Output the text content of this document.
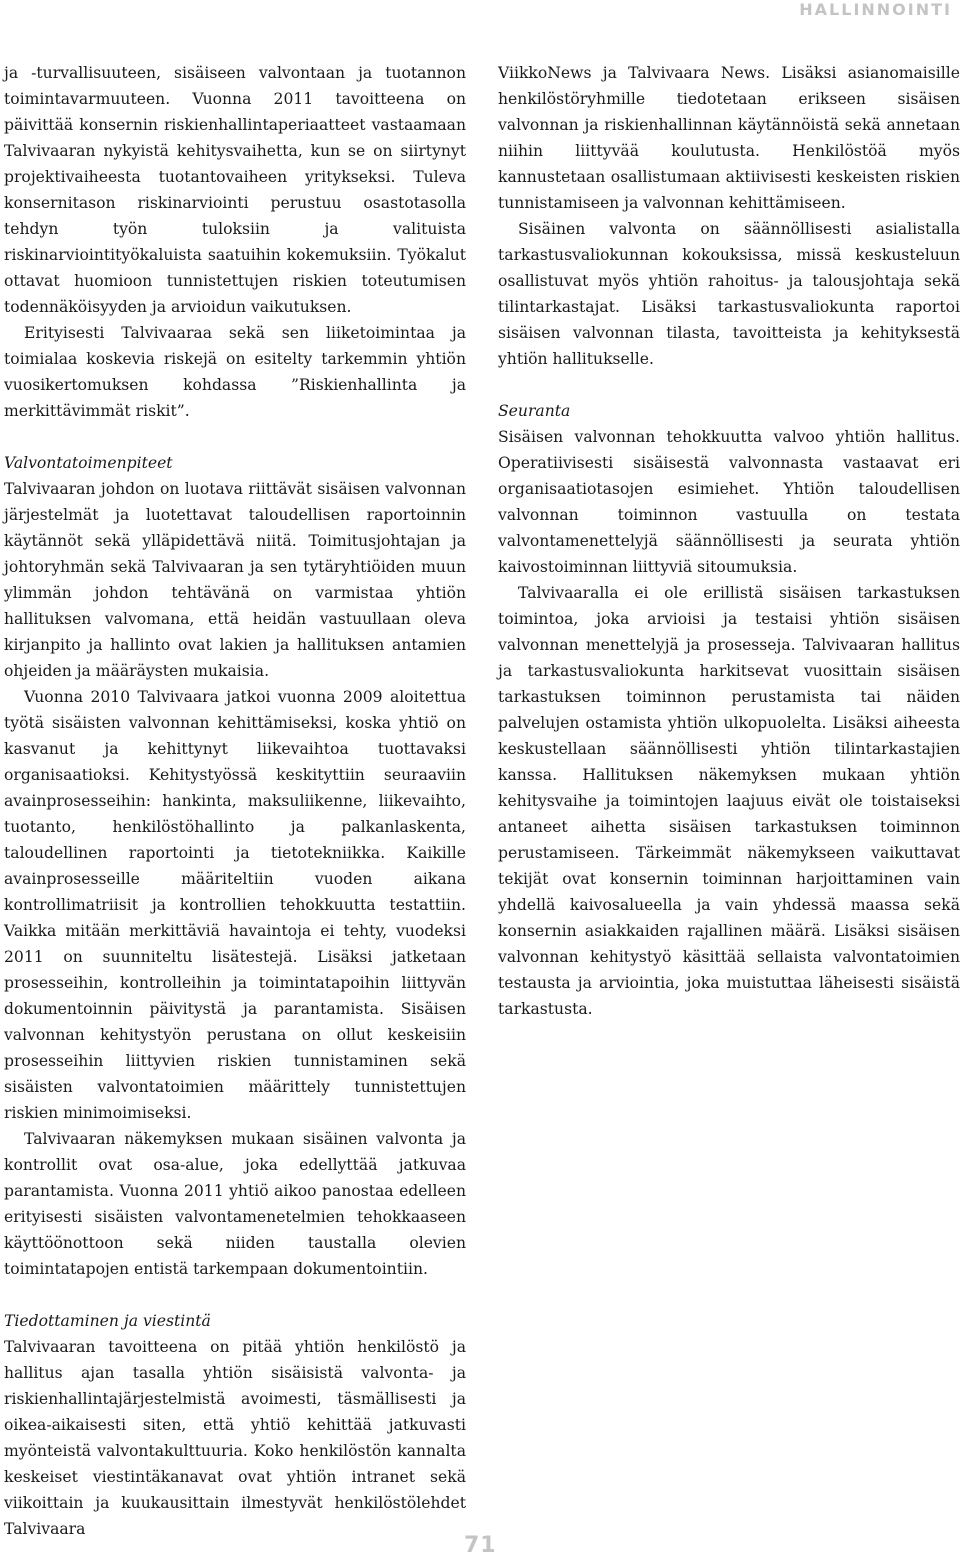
HALLINNOINTI

ja -turvallisuuteen, sisäiseen valvontaan ja tuotannon toimintavarmuuteen. Vuonna 2011 tavoitteena on päivittää konsernin riskienhallintaperiaatteet vastaamaan Talvivaaran nykyistä kehitysvaihetta, kun se on siirtynyt projektivaiheesta tuotantovaiheen yritykseksi. Tuleva konsernitason riskinarviointi perustuu osastotasolla tehdyn työn tuloksiin ja valituista riskinarviointityökaluista saatuihin kokemuksiin. Työkalut ottavat huomioon tunnistettujen riskien toteutumisen todennäköisyyden ja arvioidun vaikutuksen.

Erityisesti Talvivaaraa sekä sen liiketoimintaa ja toimialaa koskevia riskejä on esitelty tarkemmin yhtiön vuosikertomuksen kohdassa ”Riskienhallinta ja merkittävimmät riskit”.

Valvontatoimenpiteet

Talvivaaran johdon on luotava riittävät sisäisen valvonnan järjestelmät ja luotettavat taloudellisen raportoinnin käytännöt sekä ylläpidettävä niitä. Toimitusjohtajan ja johtoryhmän sekä Talvivaaran ja sen tytäryhtiöiden muun ylimmän johdon tehtävänä on varmistaa yhtiön hallituksen valvomana, että heidän vastuullaan oleva kirjanpito ja hallinto ovat lakien ja hallituksen antamien ohjeiden ja määräysten mukaisia.

Vuonna 2010 Talvivaara jatkoi vuonna 2009 aloitettua työtä sisäisten valvonnan kehittämiseksi, koska yhtiö on kasvanut ja kehittynyt liikevaihtoa tuottavaksi organisaatioksi. Kehitystyössä keskityttiin seuraaviin avainprosesseihin: hankinta, maksuliikenne, liikevaihto, tuotanto, henkilöstöhallinto ja palkanlaskenta, taloudellinen raportointi ja tietotekniikka. Kaikille avainprosesseille määriteltiin vuoden aikana kontrollimatriisit ja kontrollien tehokkuutta testattiin. Vaikka mitään merkittäviä havaintoja ei tehty, vuodeksi 2011 on suunniteltu lisätestejä. Lisäksi jatketaan prosesseihin, kontrolleihin ja toimintatapoihin liittyvän dokumentoinnin päivitystä ja parantamista. Sisäisen valvonnan kehitystyön perustana on ollut keskeisiin prosesseihin liittyvien riskien tunnistaminen sekä sisäisten valvontatoimien määrittely tunnistettujen riskien minimoimiseksi.

Talvivaaran näkemyksen mukaan sisäinen valvonta ja kontrollit ovat osa-alue, joka edellyttää jatkuvaa parantamista. Vuonna 2011 yhtiö aikoo panostaa edelleen erityisesti sisäisten valvontamenetelmien tehokkaaseen käyttöönottoon sekä niiden taustalla olevien toimintatapojen entistä tarkempaan dokumentointiin.

Tiedottaminen ja viestintä

Talvivaaran tavoitteena on pitää yhtiön henkilöstö ja hallitus ajan tasalla yhtiön sisäisistä valvonta- ja riskienhallintajärjestelmistä avoimesti, täsmällisesti ja oikea-aikaisesti siten, että yhtiö kehittää jatkuvasti myönteistä valvontakulttuuria. Koko henkilöstön kannalta keskeiset viestintäkanavat ovat yhtiön intranet sekä viikoittain ja kuukausittain ilmestyvät henkilöstölehdet Talvivaara

ViikkoNews ja Talvivaara News. Lisäksi asianomaisille henkilöstöryhmille tiedotetaan erikseen sisäisen valvonnan ja riskienhallinnan käytännöistä sekä annetaan niihin liittyvää koulutusta. Henkilöstöä myös kannustetaan osallistumaan aktiivisesti keskeisten riskien tunnistamiseen ja valvonnan kehittämiseen.

Sisäinen valvonta on säännöllisesti asialistalla tarkastusvaliokunnan kokouksissa, missä keskusteluun osallistuvat myös yhtiön rahoitus- ja talousjohtaja sekä tilintarkastajat. Lisäksi tarkastusvaliokunta raportoi sisäisen valvonnan tilasta, tavoitteista ja kehityksestä yhtiön hallitukselle.

Seuranta

Sisäisen valvonnan tehokkuutta valvoo yhtiön hallitus. Operatiivisesti sisäisestä valvonnasta vastaavat eri organisaatiotasojen esimiehet. Yhtiön taloudellisen valvonnan toiminnon vastuulla on testata valvontamenettelyjä säännöllisesti ja seurata yhtiön kaivostoiminnan liittyviä sitoumuksia.

Talvivaaralla ei ole erillistä sisäisen tarkastuksen toimintoa, joka arvioisi ja testaisi yhtiön sisäisen valvonnan menettelyjä ja prosesseja. Talvivaaran hallitus ja tarkastusvaliokunta harkitsevat vuosittain sisäisen tarkastuksen toiminnon perustamista tai näiden palvelujen ostamista yhtiön ulkopuolelta. Lisäksi aiheesta keskustellaan säännöllisesti yhtiön tilintarkastajien kanssa. Hallituksen näkemyksen mukaan yhtiön kehitysvaihe ja toimintojen laajuus eivät ole toistaiseksi antaneet aihetta sisäisen tarkastuksen toiminnon perustamiseen. Tärkeimmät näkemykseen vaikuttavat tekijät ovat konsernin toiminnan harjoittaminen vain yhdellä kaivosalueella ja vain yhdessä maassa sekä konsernin asiakkaiden rajallinen määrä. Lisäksi sisäisen valvonnan kehitystyö käsittää sellaista valvontatoimien testausta ja arviointia, joka muistuttaa läheisesti sisäistä tarkastusta.

71
